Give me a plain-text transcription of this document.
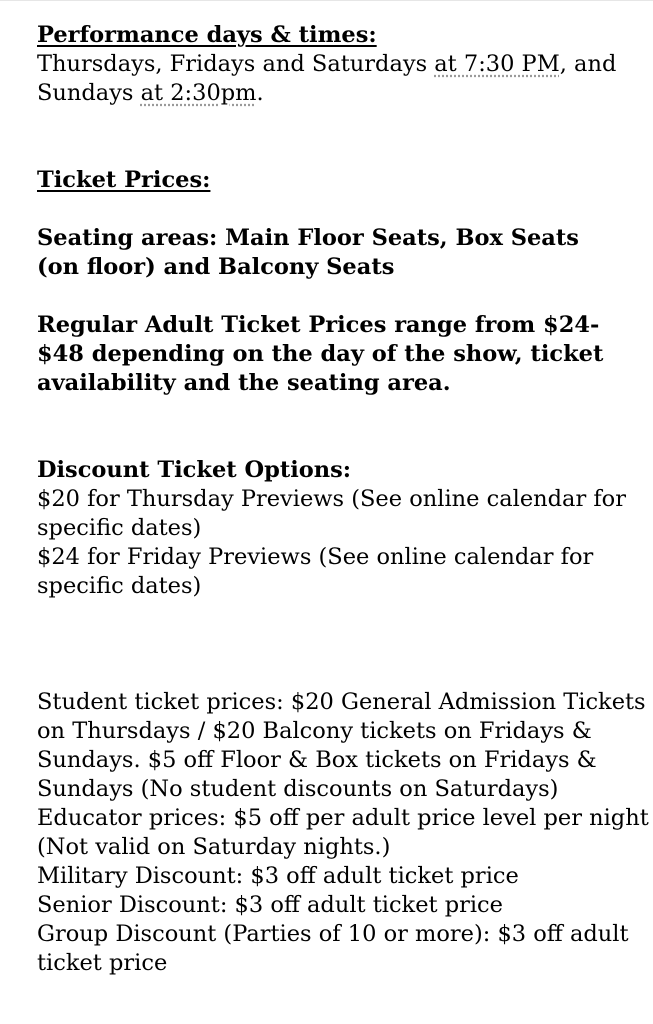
Performance days & times:
Thursdays, Fridays and Saturdays at 7:30 PM, and
Sundays at 2:30pm.
Ticket Prices:
Seating areas: Main Floor Seats, Box Seats
(on floor) and Balcony Seats
Regular Adult Ticket Prices range from $24-
$48 depending on the day of the show, ticket
availability and the seating area.
Discount Ticket Options:
$20 for Thursday Previews (See online calendar for
specific dates)
$24 for Friday Previews (See online calendar for
specific dates)
Student ticket prices: $20 General Admission Tickets
on Thursdays / $20 Balcony tickets on Fridays &
Sundays. $5 off Floor & Box tickets on Fridays &
Sundays (No student discounts on Saturdays)
Educator prices: $5 off per adult price level per night
(Not valid on Saturday nights.)
Military Discount: $3 off adult ticket price
Senior Discount: $3 off adult ticket price
Group Discount (Parties of 10 or more): $3 off adult
ticket price
